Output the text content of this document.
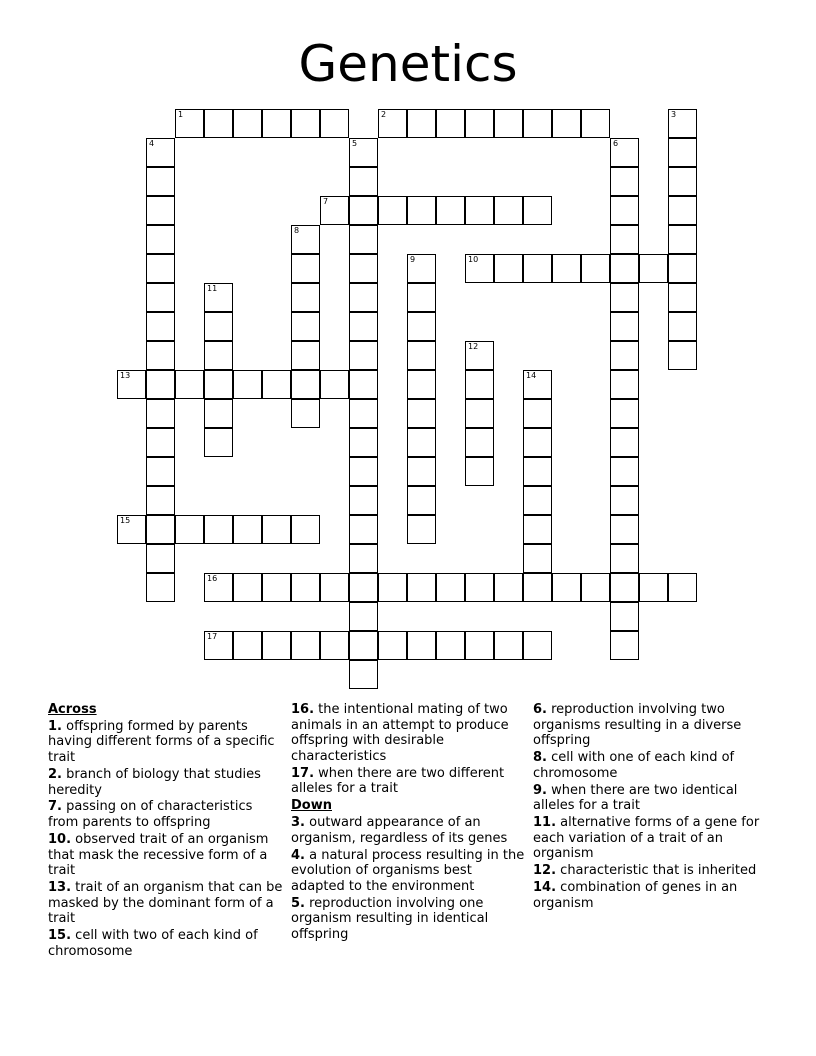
Genetics
1	2	3
4	5	6
7
8
9	10
11
12
13	14
15
16
17
Across
1. offspring formed by parents having different forms of a specific trait
2. branch of biology that studies heredity
7. passing on of characteristics from parents to offspring
10. observed trait of an organism that mask the recessive form of a trait
13. trait of an organism that can be masked by the dominant form of a trait
15. cell with two of each kind of chromosome
16. the intentional mating of two animals in an attempt to produce offspring with desirable characteristics
17. when there are two different alleles for a trait
Down
3. outward appearance of an organism, regardless of its genes
4. a natural process resulting in the evolution of organisms best adapted to the environment
5. reproduction involving one organism resulting in identical offspring
6. reproduction involving two organisms resulting in a diverse offspring
8. cell with one of each kind of chromosome
9. when there are two identical alleles for a trait
11. alternative forms of a gene for each variation of a trait of an organism
12. characteristic that is inherited
14. combination of genes in an organism
